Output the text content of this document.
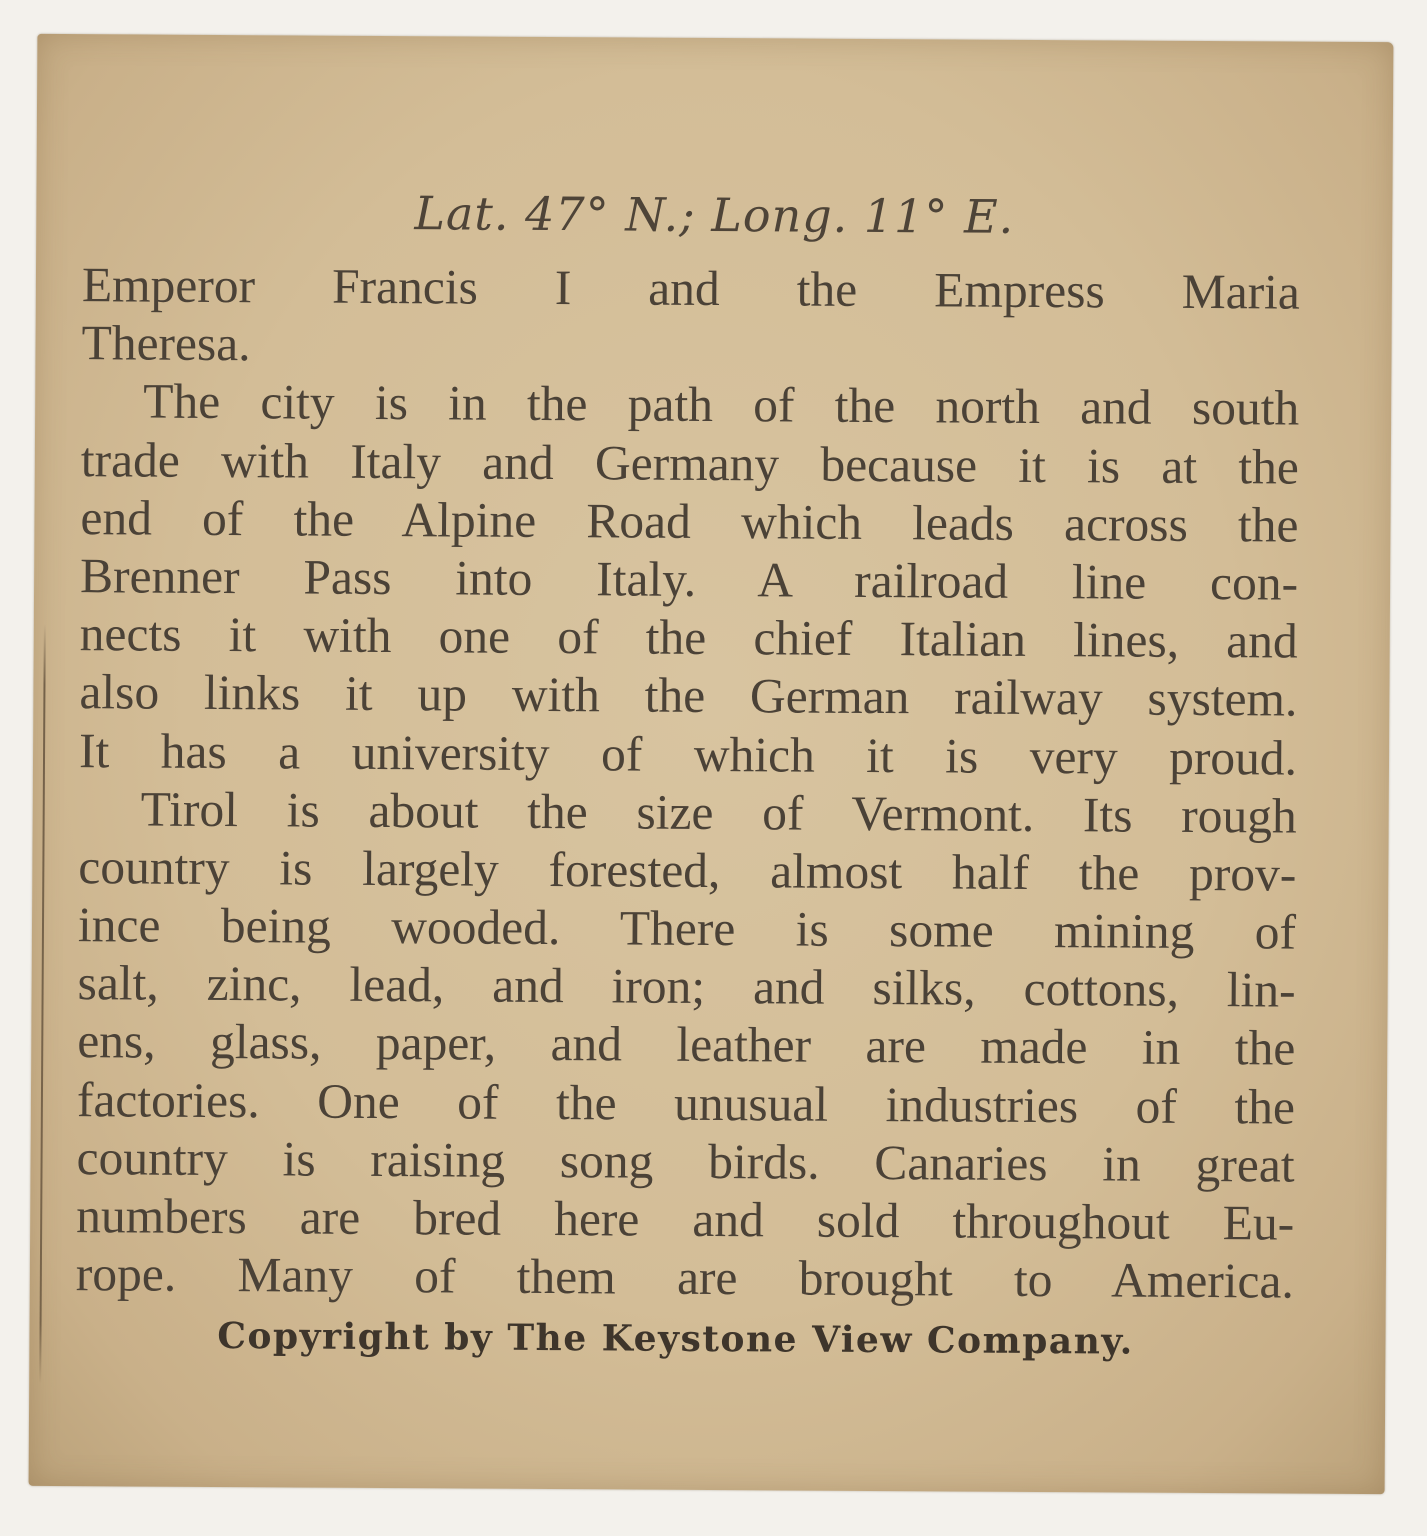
Lat. 47° N.; Long. 11° E.
Emperor Francis I and the Empress Maria
Theresa.
The city is in the path of the north and south
trade with Italy and Germany because it is at the
end of the Alpine Road which leads across the
Brenner Pass into Italy. A railroad line con-
nects it with one of the chief Italian lines, and
also links it up with the German railway system.
It has a university of which it is very proud.
Tirol is about the size of Vermont. Its rough
country is largely forested, almost half the prov-
ince being wooded. There is some mining of
salt, zinc, lead, and iron; and silks, cottons, lin-
ens, glass, paper, and leather are made in the
factories. One of the unusual industries of the
country is raising song birds. Canaries in great
numbers are bred here and sold throughout Eu-
rope. Many of them are brought to America.
Copyright by The Keystone View Company.
